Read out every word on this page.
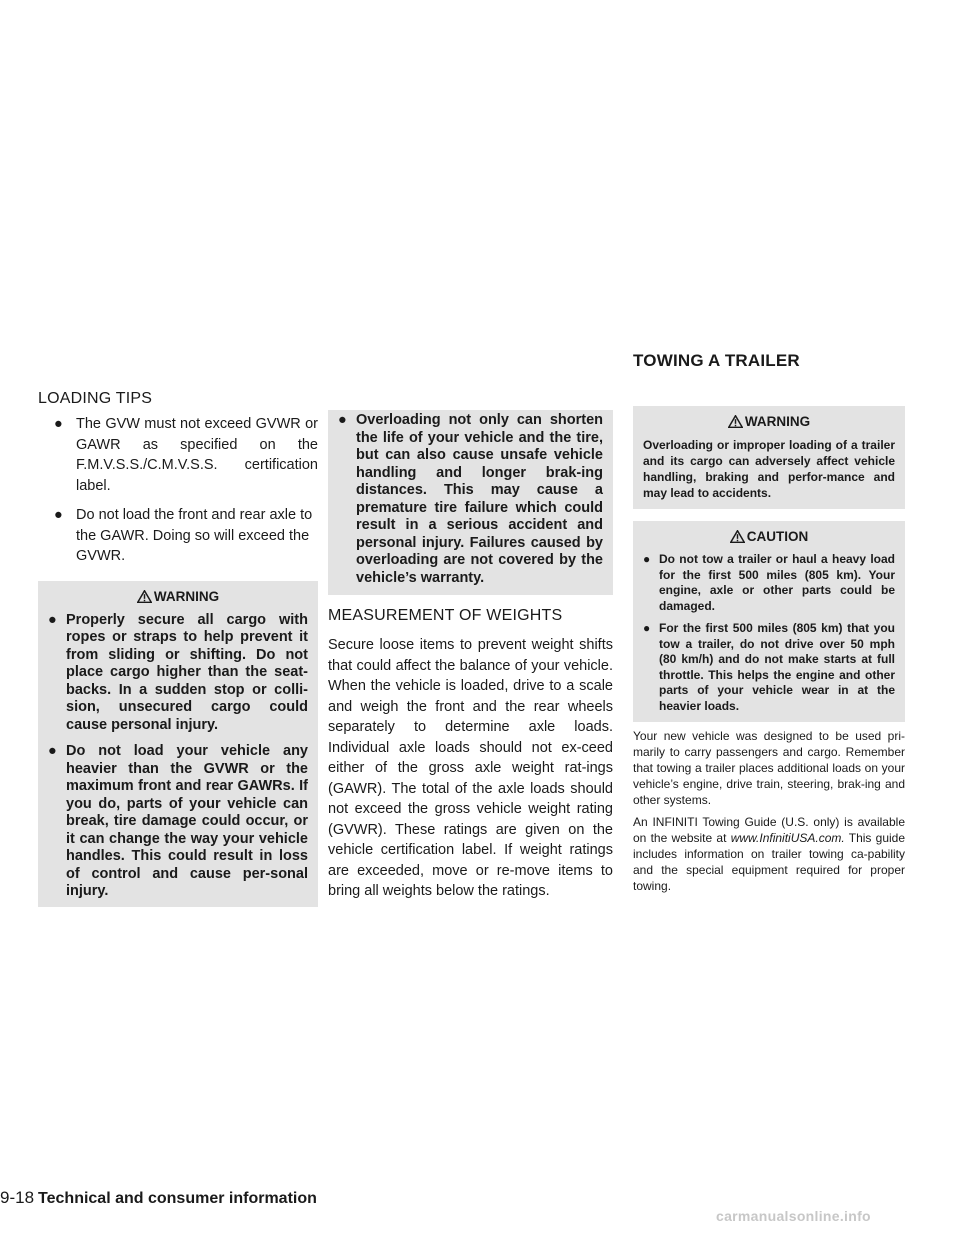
TOWING A TRAILER
LOADING TIPS
● The GVW must not exceed GVWR or GAWR as specified on the F.M.V.S.S./C.M.V.S.S. certification label.
● Do not load the front and rear axle to the GAWR. Doing so will exceed the GVWR.
WARNING
● Properly secure all cargo with ropes or straps to help prevent it from sliding or shifting. Do not place cargo higher than the seat-backs. In a sudden stop or colli-sion, unsecured cargo could cause personal injury.
● Do not load your vehicle any heavier than the GVWR or the maximum front and rear GAWRs. If you do, parts of your vehicle can break, tire damage could occur, or it can change the way your vehicle handles. This could result in loss of control and cause per-sonal injury.
● Overloading not only can shorten the life of your vehicle and the tire, but can also cause unsafe vehicle handling and longer brak-ing distances. This may cause a premature tire failure which could result in a serious accident and personal injury. Failures caused by overloading are not covered by the vehicle’s warranty.
MEASUREMENT OF WEIGHTS
Secure loose items to prevent weight shifts that could affect the balance of your vehicle. When the vehicle is loaded, drive to a scale and weigh the front and the rear wheels separately to determine axle loads. Individual axle loads should not ex-ceed either of the gross axle weight rat-ings (GAWR). The total of the axle loads should not exceed the gross vehicle weight rating (GVWR). These ratings are given on the vehicle certification label. If weight ratings are exceeded, move or re-move items to bring all weights below the ratings.
WARNING
Overloading or improper loading of a trailer and its cargo can adversely affect vehicle handling, braking and perfor-mance and may lead to accidents.
CAUTION
● Do not tow a trailer or haul a heavy load for the first 500 miles (805 km). Your engine, axle or other parts could be damaged.
● For the first 500 miles (805 km) that you tow a trailer, do not drive over 50 mph (80 km/h) and do not make starts at full throttle. This helps the engine and other parts of your vehicle wear in at the heavier loads.

Your new vehicle was designed to be used pri-marily to carry passengers and cargo. Remember that towing a trailer places additional loads on your vehicle’s engine, drive train, steering, brak-ing and other systems.

An INFINITI Towing Guide (U.S. only) is available on the website at www.InfinitiUSA.com. This guide includes information on trailer towing ca-pability and the special equipment required for proper towing.

9-18 Technical and consumer information
carmanualsonline.info
